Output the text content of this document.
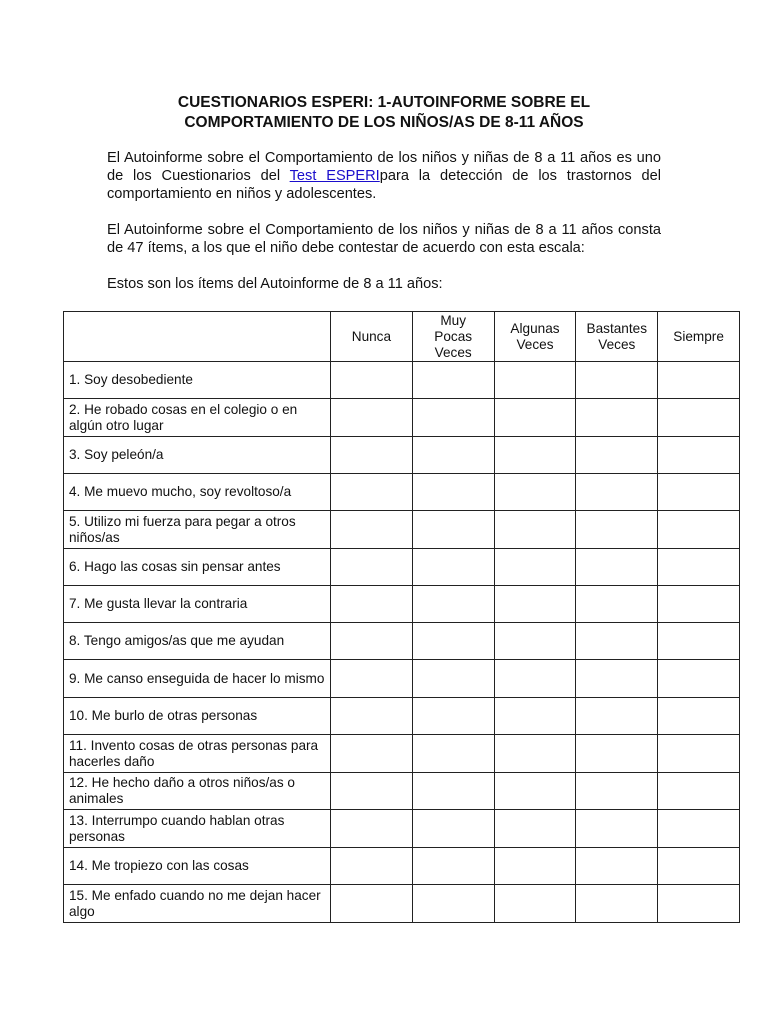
CUESTIONARIOS ESPERI: 1-AUTOINFORME SOBRE EL
COMPORTAMIENTO DE LOS NIÑOS/AS DE 8-11 AÑOS
El Autoinforme sobre el Comportamiento de los niños y niñas de 8 a 11 años es uno de los Cuestionarios del Test ESPERIpara la detección de los trastornos del comportamiento en niños y adolescentes.
El Autoinforme sobre el Comportamiento de los niños y niñas de 8 a 11 años consta de 47 ítems, a los que el niño debe contestar de acuerdo con esta escala:
Estos son los ítems del Autoinforme de 8 a 11 años:
	Nunca	Muy Pocas Veces	Algunas Veces	Bastantes Veces	Siempre
1. Soy desobediente					
2. He robado cosas en el colegio o en algún otro lugar					
3. Soy peleón/a					
4. Me muevo mucho, soy revoltoso/a					
5. Utilizo mi fuerza para pegar a otros niños/as					
6. Hago las cosas sin pensar antes					
7. Me gusta llevar la contraria					
8. Tengo amigos/as que me ayudan					
9. Me canso enseguida de hacer lo mismo					
10. Me burlo de otras personas					
11. Invento cosas de otras personas para hacerles daño					
12. He hecho daño a otros niños/as o animales					
13. Interrumpo cuando hablan otras personas					
14. Me tropiezo con las cosas					
15. Me enfado cuando no me dejan hacer algo					
